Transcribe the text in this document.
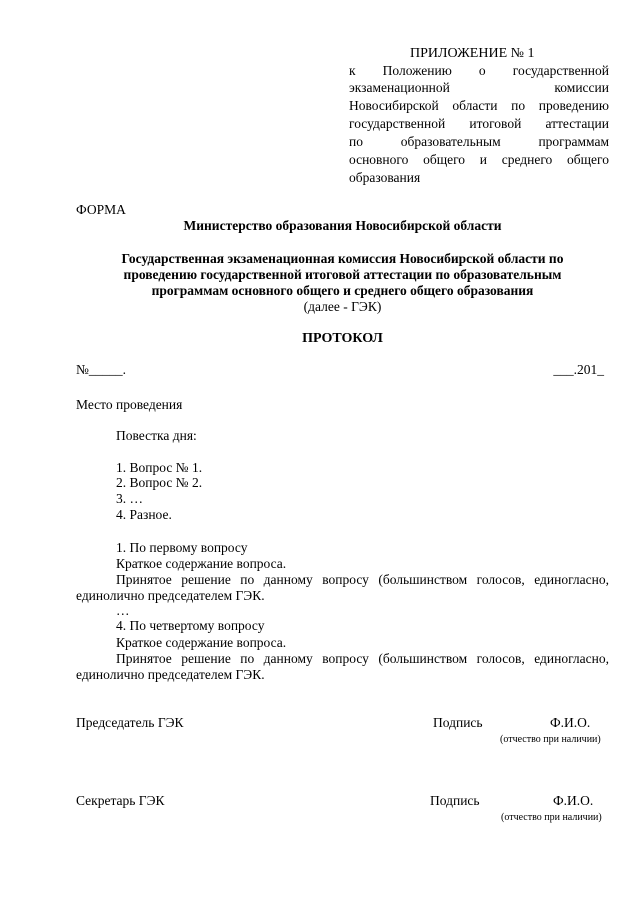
ПРИЛОЖЕНИЕ № 1
к Положению о государственной
экзаменационной комиссии
Новосибирской области по проведению
государственной итоговой аттестации
по образовательным программам
основного общего и среднего общего
образования
ФОРМА
Министерство образования Новосибирской области
Государственная экзаменационная комиссия Новосибирской области по
проведению государственной итоговой аттестации по образовательным
программам основного общего и среднего общего образования
(далее - ГЭК)
ПРОТОКОЛ
№_____.	___.201_
Место проведения
Повестка дня:
1. Вопрос № 1.
2. Вопрос № 2.
3. …
4. Разное.
1. По первому вопросу
Краткое содержание вопроса.
Принятое решение по данному вопросу (большинством голосов, единогласно,
единолично председателем ГЭК.
…
4. По четвертому вопросу
Краткое содержание вопроса.
Принятое решение по данному вопросу (большинством голосов, единогласно,
единолично председателем ГЭК.
Председатель ГЭК	Подпись	Ф.И.О.
(отчество при наличии)
Секретарь ГЭК	Подпись	Ф.И.О.
(отчество при наличии)
